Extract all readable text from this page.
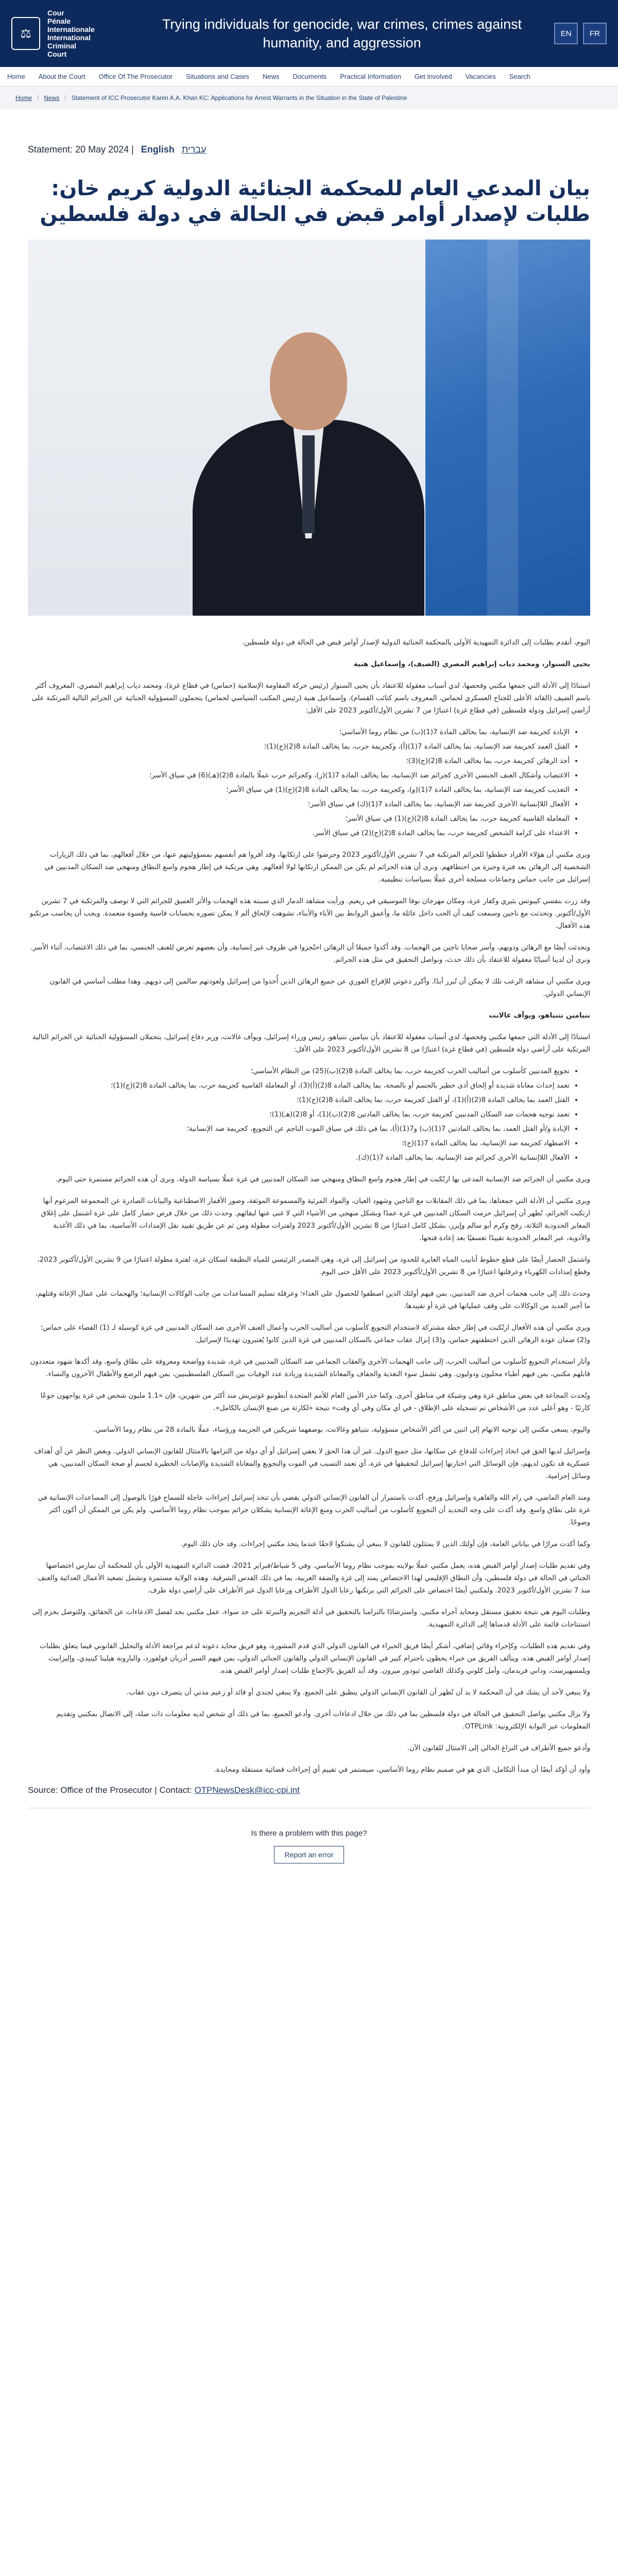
⚖
Cour
Pénale
Internationale
International
Criminal
Court
Trying individuals for genocide, war crimes, crimes against humanity, and aggression
EN	FR
Home About the Court Office Of The Prosecutor Situations and Cases News Documents Practical Information Get Involved Vacancies Search
Home / News / Statement of ICC Prosecutor Karim A.A. Khan KC: Applications for Arrest Warrants in the Situation in the State of Palestine
Statement: 20 May 2024 | English עברית
بيان المدعي العام للمحكمة الجنائية الدولية كريم خان: طلبات لإصدار أوامر قبض في الحالة في دولة فلسطين

اليوم، أتقدم بطلبات إلى الدائرة التمهيدية الأولى بالمحكمة الجنائية الدولية لإصدار أوامر قبض في الحالة في دولة فلسطين.

يحيى السنوار، ومحمد دياب إبراهيم المصري (الضيف)، وإسماعيل هنية

استنادًا إلى الأدلة التي جمعها مكتبي وفحصها، لدي أسباب معقولة للاعتقاد بأن يحيى السنوار (رئيس حركة المقاومة الإسلامية (حماس) في قطاع غزة)، ومحمد دياب إبراهيم المصري، المعروف أكثر باسم الضيف (القائد الأعلى للجناح العسكري لحماس، المعروف باسم كتائب القسام)، وإسماعيل هنية (رئيس المكتب السياسي لحماس) يتحملون المسؤولية الجنائية عن الجرائم التالية المرتكبة على أراضي إسرائيل ودولة فلسطين (في قطاع غزة) اعتبارًا من 7 تشرين الأول/أكتوبر 2023 على الأقل:

• الإبادة كجريمة ضد الإنسانية، بما يخالف المادة 7(1)(ب) من نظام روما الأساسي؛
• القتل العمد كجريمة ضد الإنسانية، بما يخالف المادة 7(1)(أ)، وكجريمة حرب، بما يخالف المادة 8(2)(ج)(1)؛
• أخذ الرهائن كجريمة حرب، بما يخالف المادة 8(2)(ج)(3)؛
• الاغتصاب وأشكال العنف الجنسي الأخرى كجرائم ضد الإنسانية، بما يخالف المادة 7(1)(ز)، وكجرائم حرب عملًا بالمادة 8(2)(هـ)(6) في سياق الأسر؛
• التعذيب كجريمة ضد الإنسانية، بما يخالف المادة 7(1)(و)، وكجريمة حرب، بما يخالف المادة 8(2)(ج)(1) في سياق الأسر؛
• الأفعال اللاإنسانية الأخرى كجريمة ضد الإنسانية، بما يخالف المادة 7(1)(ك) في سياق الأسر؛
• المعاملة القاسية كجريمة حرب، بما يخالف المادة 8(2)(ج)(1) في سياق الأسر؛
• الاعتداء على كرامة الشخص كجريمة حرب، بما يخالف المادة 8(2)(ج)(2) في سياق الأسر.

ويرى مكتبي أن هؤلاء الأفراد خططوا للجرائم المرتكبة في 7 تشرين الأول/أكتوبر 2023 وحرضوا على ارتكابها، وقد أقروا هم أنفسهم بمسؤوليتهم عنها، من خلال أفعالهم، بما في ذلك الزيارات الشخصية إلى الرهائن بعد فترة وجيزة من اختطافهم. ونرى أن هذه الجرائم لم يكن من الممكن ارتكابها لولا أفعالهم. وهي مرتكبة في إطار هجوم واسع النطاق ومنهجي ضد السكان المدنيين في إسرائيل من جانب حماس وجماعات مسلحة أخرى عملًا بسياسات تنظيمية.

وقد زرت بنفسي كيبوتس بئيري وكفار عزة، ومكان مهرجان نوفا الموسيقي في ريعيم. ورأيت مشاهد الدمار الذي سببته هذه الهجمات والأثر العميق للجرائم التي لا توصف والمرتكبة في 7 تشرين الأول/أكتوبر. وتحدثت مع ناجين وسمعت كيف أن الحب داخل عائلة ما، وأعمق الروابط بين الآباء والأبناء، تشوهت لإلحاق ألم لا يمكن تصوره بحسابات قاسية وقسوة متعمدة. ويجب أن يحاسب مرتكبو هذه الأفعال.

وتحدثت أيضًا مع الرهائن وذويهم، وأسر ضحايا ناجين من الهجمات. وقد أكدوا جميعًا أن الرهائن احتُجزوا في ظروف غير إنسانية، وأن بعضهم تعرض للعنف الجنسي، بما في ذلك الاغتصاب، أثناء الأسر. ونرى أن لدينا أسبابًا معقولة للاعتقاد بأن ذلك حدث، ونواصل التحقيق في مثل هذه الجرائم.

ويرى مكتبي أن مشاهد الرعب تلك لا يمكن أن تُبرر أبدًا. وأكرر دعوتي للإفراج الفوري عن جميع الرهائن الذين أُخذوا من إسرائيل ولعودتهم سالمين إلى ذويهم. وهذا مطلب أساسي في القانون الإنساني الدولي.

بنيامين نتنياهو، ويوآف غالانت

استنادًا إلى الأدلة التي جمعها مكتبي وفحصها، لدي أسباب معقولة للاعتقاد بأن بنيامين نتنياهو، رئيس وزراء إسرائيل، ويوآف غالانت، وزير دفاع إسرائيل، يتحملان المسؤولية الجنائية عن الجرائم التالية المرتكبة على أراضي دولة فلسطين (في قطاع غزة) اعتبارًا من 8 تشرين الأول/أكتوبر 2023 على الأقل:

• تجويع المدنيين كأسلوب من أساليب الحرب كجريمة حرب، بما يخالف المادة 8(2)(ب)(25) من النظام الأساسي؛
• تعمد إحداث معاناة شديدة أو إلحاق أذى خطير بالجسم أو بالصحة، بما يخالف المادة 8(2)(أ)(3)، أو المعاملة القاسية كجريمة حرب، بما يخالف المادة 8(2)(ج)(1)؛
• القتل العمد بما يخالف المادة 8(2)(أ)(1)، أو القتل كجريمة حرب، بما يخالف المادة 8(2)(ج)(1)؛
• تعمد توجيه هجمات ضد السكان المدنيين كجريمة حرب، بما يخالف المادتين 8(2)(ب)(1)، أو 8(2)(هـ)(1)؛
• الإبادة و/أو القتل العمد، بما يخالف المادتين 7(1)(ب) و7(1)(أ)، بما في ذلك في سياق الموت الناجم عن التجويع، كجريمة ضد الإنسانية؛
• الاضطهاد كجريمة ضد الإنسانية، بما يخالف المادة 7(1)(ح)؛
• الأفعال اللاإنسانية الأخرى كجرائم ضد الإنسانية، بما يخالف المادة 7(1)(ك).

ويرى مكتبي أن الجرائم ضد الإنسانية المدعى بها ارتُكبت في إطار هجوم واسع النطاق ومنهجي ضد السكان المدنيين في غزة عملًا بسياسة الدولة. ونرى أن هذه الجرائم مستمرة حتى اليوم.

ويرى مكتبي أن الأدلة التي جمعناها، بما في ذلك المقابلات مع الناجين وشهود العيان، والمواد المرئية والمسموعة الموثقة، وصور الأقمار الاصطناعية والبيانات الصادرة عن المجموعة المزعوم أنها ارتكبت الجرائم، تُظهر أن إسرائيل حرمت السكان المدنيين في غزة عمدًا وبشكل منهجي من الأشياء التي لا غنى عنها لبقائهم. وحدث ذلك من خلال فرض حصار كامل على غزة اشتمل على إغلاق المعابر الحدودية الثلاثة، رفح وكرم أبو سالم وإيرز، بشكل كامل اعتبارًا من 8 تشرين الأول/أكتوبر 2023 ولفترات مطولة ومن ثم عن طريق تقييد نقل الإمدادات الأساسية، بما في ذلك الأغذية والأدوية، عبر المعابر الحدودية تقييدًا تعسفيًا بعد إعادة فتحها.

واشتمل الحصار أيضًا على قطع خطوط أنابيب المياه العابرة للحدود من إسرائيل إلى غزة، وهي المصدر الرئيسي للمياه النظيفة لسكان غزة، لفترة مطولة اعتبارًا من 9 تشرين الأول/أكتوبر 2023، وقطع إمدادات الكهرباء وعرقلتها اعتبارًا من 8 تشرين الأول/أكتوبر 2023 على الأقل حتى اليوم.

وحدث ذلك إلى جانب هجمات أخرى ضد المدنيين، بمن فيهم أولئك الذين اصطفوا للحصول على الغذاء؛ وعرقلة تسليم المساعدات من جانب الوكالات الإنسانية؛ والهجمات على عمال الإغاثة وقتلهم، ما أجبر العديد من الوكالات على وقف عملياتها في غزة أو تقييدها.

ويرى مكتبي أن هذه الأفعال ارتُكبت في إطار خطة مشتركة لاستخدام التجويع كأسلوب من أساليب الحرب وأعمال العنف الأخرى ضد السكان المدنيين في غزة كوسيلة لـ (1) القضاء على حماس؛ و(2) ضمان عودة الرهائن الذين اختطفتهم حماس، و(3) إنزال عقاب جماعي بالسكان المدنيين في غزة الذين كانوا يُعتبرون تهديدًا لإسرائيل.

وآثار استخدام التجويع كأسلوب من أساليب الحرب، إلى جانب الهجمات الأخرى والعقاب الجماعي ضد السكان المدنيين في غزة، شديدة وواضحة ومعروفة على نطاق واسع، وقد أكدها شهود متعددون قابلهم مكتبي، بمن فيهم أطباء محليون ودوليون. وهي تشمل سوء التغذية والجفاف والمعاناة الشديدة وزيادة عدد الوفيات بين السكان الفلسطينيين، بمن فيهم الرضع والأطفال الآخرون والنساء.

وتُحدث المجاعة في بعض مناطق غزة وهي وشيكة في مناطق أخرى. وكما حذر الأمين العام للأمم المتحدة أنطونيو غوتيريش منذ أكثر من شهرين، فإن «1.1 مليون شخص في غزة يواجهون جوعًا كارثيًا - وهو أعلى عدد من الأشخاص تم تسجيله على الإطلاق - في أي مكان وفي أي وقت» نتيجة «لكارثة من صنع الإنسان بالكامل».

واليوم، يسعى مكتبي إلى توجيه الاتهام إلى اثنين من أكثر الأشخاص مسؤولية، نتنياهو وغالانت، بوصفهما شريكين في الجريمة ورؤساء، عملًا بالمادة 28 من نظام روما الأساسي.

وإسرائيل لديها الحق في اتخاذ إجراءات للدفاع عن سكانها، مثل جميع الدول. غير أن هذا الحق لا يعفي إسرائيل أو أي دولة من التزامها بالامتثال للقانون الإنساني الدولي. وبغض النظر عن أي أهداف عسكرية قد تكون لديهم، فإن الوسائل التي اختارتها إسرائيل لتحقيقها في غزة، أي تعمد التسبب في الموت والتجويع والمعاناة الشديدة والإصابات الخطيرة لجسم أو صحة السكان المدنيين، هي وسائل إجرامية.

ومنذ العام الماضي، في رام الله والقاهرة وإسرائيل ورفح، أكدت باستمرار أن القانون الإنساني الدولي يقضي بأن تتخذ إسرائيل إجراءات عاجلة للسماح فورًا بالوصول إلى المساعدات الإنسانية في غزة على نطاق واسع. وقد أكدت على وجه التحديد أن التجويع كأسلوب من أساليب الحرب ومنع الإغاثة الإنسانية يشكلان جرائم بموجب نظام روما الأساسي. ولم يكن من الممكن أن أكون أكثر وضوحًا.

وكما أكدت مرارًا في بياناتي العامة، فإن أولئك الذين لا يمتثلون للقانون لا ينبغي أن يشتكوا لاحقًا عندما يتخذ مكتبي إجراءات. وقد حان ذلك اليوم.

وفي تقديم طلبات إصدار أوامر القبض هذه، يعمل مكتبي عملًا بولايته بموجب نظام روما الأساسي. وفي 5 شباط/فبراير 2021، قضت الدائرة التمهيدية الأولى بأن للمحكمة أن تمارس اختصاصها الجنائي في الحالة في دولة فلسطين، وأن النطاق الإقليمي لهذا الاختصاص يمتد إلى غزة والضفة الغربية، بما في ذلك القدس الشرقية. وهذه الولاية مستمرة وتشمل تصعيد الأعمال العدائية والعنف منذ 7 تشرين الأول/أكتوبر 2023. ولمكتبي أيضًا اختصاص على الجرائم التي يرتكبها رعايا الدول الأطراف ورعايا الدول غير الأطراف على أراضي دولة طرف.

وطلبات اليوم هي نتيجة تحقيق مستقل ومحايد أجراه مكتبي. واسترشادًا بالتزامنا بالتحقيق في أدلة التجريم والتبرئة على حد سواء، عمل مكتبي بجد لفصل الادعاءات عن الحقائق، وللتوصل بحزم إلى استنتاجات قائمة على الأدلة قدمناها إلى الدائرة التمهيدية.

وفي تقديم هذه الطلبات، وكإجراء وقائي إضافي، أشكر أيضًا فريق الخبراء في القانون الدولي الذي قدم المشورة، وهو فريق محايد دعوته لدعم مراجعة الأدلة والتحليل القانوني فيما يتعلق بطلبات إصدار أوامر القبض هذه. ويتألف الفريق من خبراء يحظون باحترام كبير في القانون الإنساني الدولي والقانون الجنائي الدولي، بمن فيهم السير أدريان فولفورد، والبارونة هيلينا كينيدي، وإليزابيث ويلمسهيرست، وداني فريدمان، وأمل كلوني وكذلك القاضي ثيودور ميرون. وقد أيد الفريق بالإجماع طلبات إصدار أوامر القبض هذه.

ولا ينبغي لأحد أن يشك في أن المحكمة لا بد أن تُظهر أن القانون الإنساني الدولي ينطبق على الجميع. ولا ينبغي لجندي أو قائد أو زعيم مدني أن يتصرف دون عقاب.

ولا يزال مكتبي يواصل التحقيق في الحالة في دولة فلسطين بما في ذلك من خلال ادعاءات أخرى. وأدعو الجميع، بما في ذلك أي شخص لديه معلومات ذات صلة، إلى الاتصال بمكتبي وتقديم المعلومات عبر البوابة الإلكترونية: OTPLink.

وأدعو جميع الأطراف في النزاع الحالي إلى الامتثال للقانون الآن.

وأود أن أؤكد أيضًا أن مبدأ التكامل، الذي هو في صميم نظام روما الأساسي، سيستمر في تقييم أي إجراءات قضائية مستقلة ومحايدة.

Source: Office of the Prosecutor | Contact: OTPNewsDesk@icc-cpi.int
Is there a problem with this page?
Report an error
